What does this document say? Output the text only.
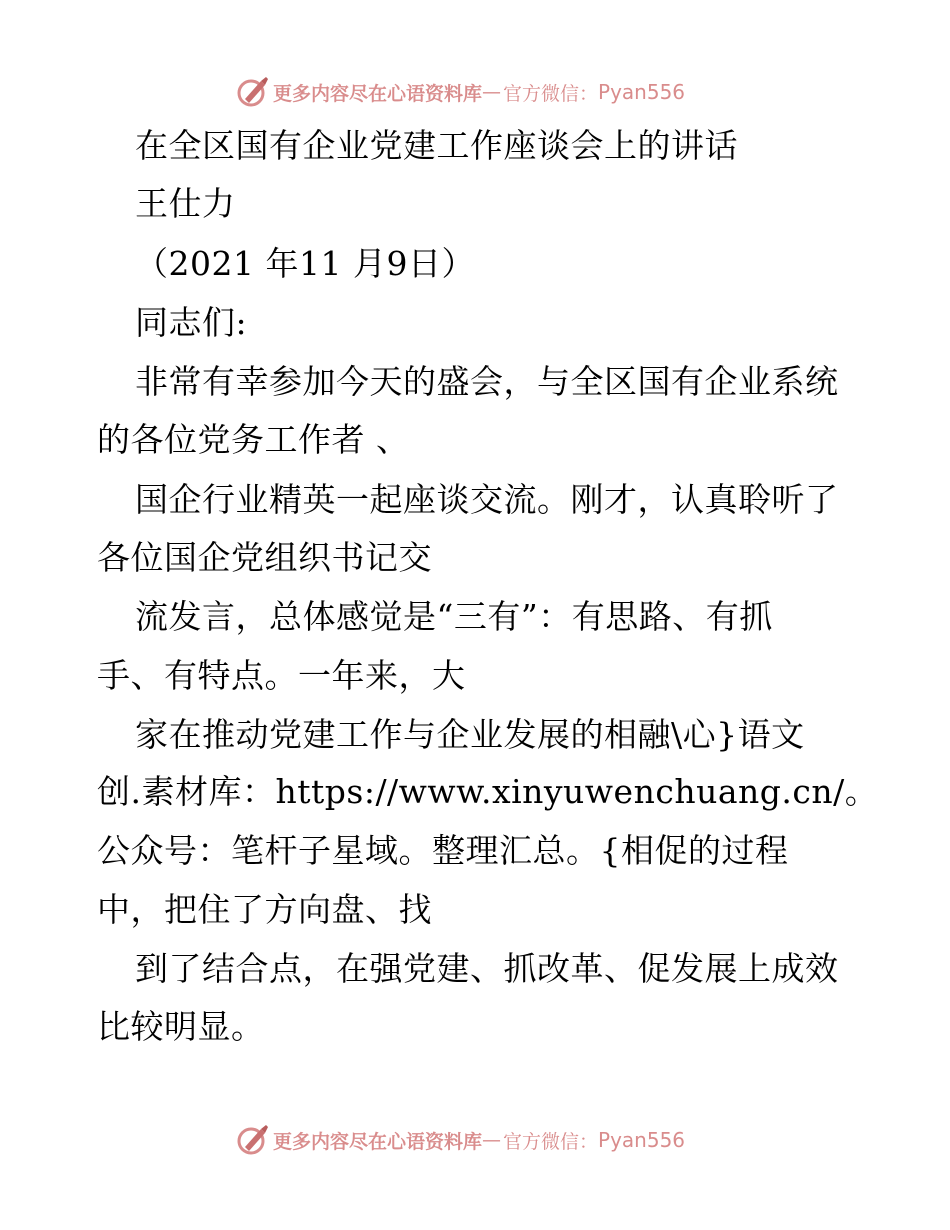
更多内容尽在心语资料库 — 官方微信： Pyan556
在全区国有企业党建工作座谈会上的讲话
王仕力
（2021 年11 月9日）
同志们:
非常有幸参加今天的盛会，与全区国有企业系统
的各位党务工作者 、
国企行业精英一起座谈交流。刚才，认真聆听了
各位国企党组织书记交
流发言，总体感觉是“三有”：有思路、有抓
手、有特点。一年来，大
家在推动党建工作与企业发展的相融\心}语文
创.素材库：https://www.xinyuwenchuang.cn/。
公众号：笔杆子星域。整理汇总。{相促的过程
中，把住了方向盘、找
到了结合点，在强党建、抓改革、促发展上成效
比较明显。
更多内容尽在心语资料库 — 官方微信： Pyan556
